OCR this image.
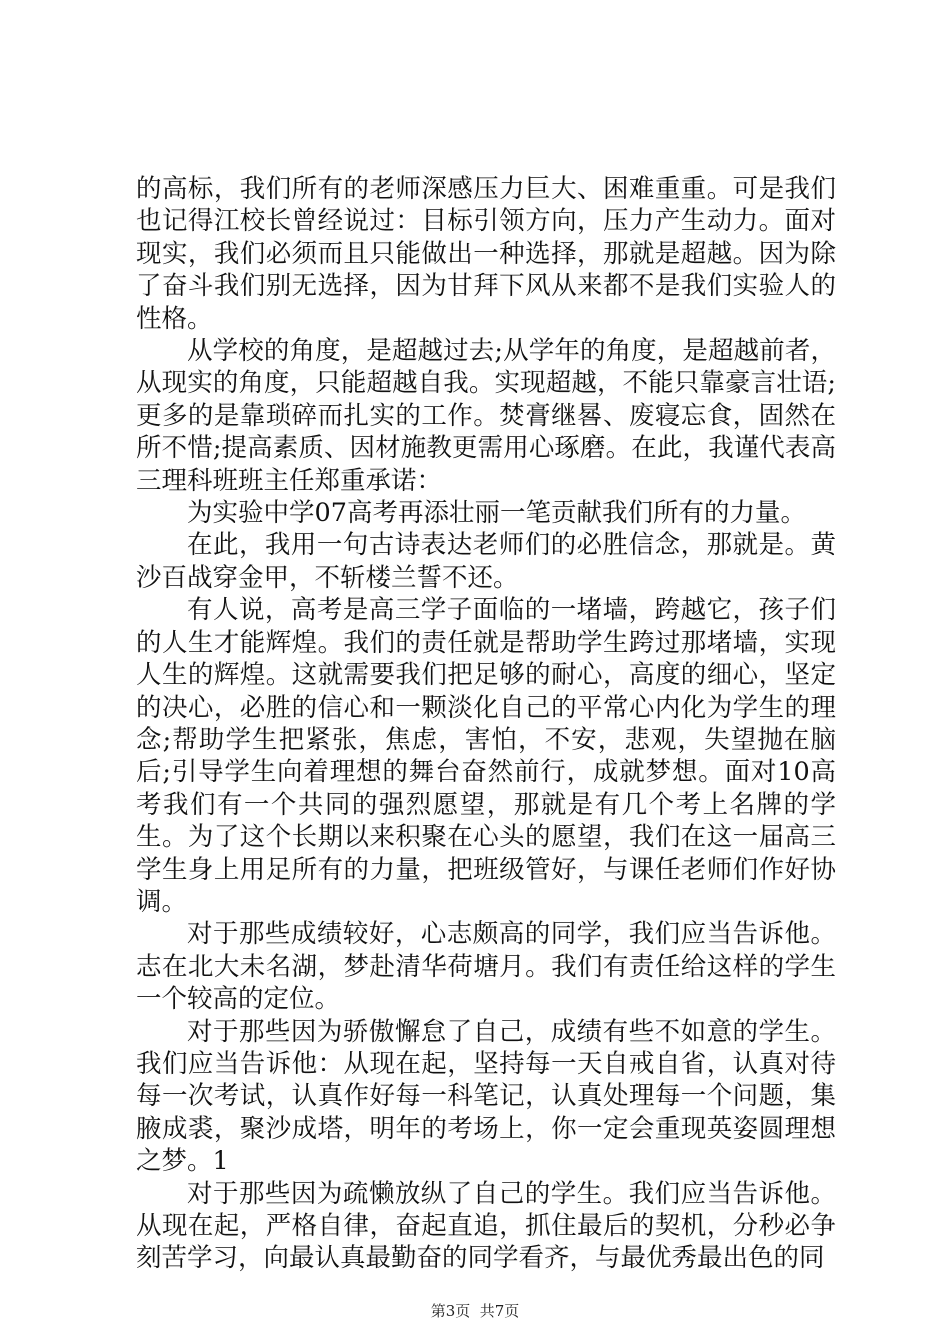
的高标，我们所有的老师深感压力巨大、困难重重。可是我们也记得江校长曾经说过：目标引领方向，压力产生动力。面对现实，我们必须而且只能做出一种选择，那就是超越。因为除了奋斗我们别无选择，因为甘拜下风从来都不是我们实验人的性格。

从学校的角度，是超越过去;从学年的角度，是超越前者，从现实的角度，只能超越自我。实现超越，不能只靠豪言壮语;更多的是靠琐碎而扎实的工作。焚膏继晷、废寝忘食，固然在所不惜;提高素质、因材施教更需用心琢磨。在此，我谨代表高三理科班班主任郑重承诺：

为实验中学07高考再添壮丽一笔贡献我们所有的力量。

在此，我用一句古诗表达老师们的必胜信念，那就是。黄沙百战穿金甲，不斩楼兰誓不还。

有人说，高考是高三学子面临的一堵墙，跨越它，孩子们的人生才能辉煌。我们的责任就是帮助学生跨过那堵墙，实现人生的辉煌。这就需要我们把足够的耐心，高度的细心，坚定的决心，必胜的信心和一颗淡化自己的平常心内化为学生的理念;帮助学生把紧张，焦虑，害怕，不安，悲观，失望抛在脑后;引导学生向着理想的舞台奋然前行，成就梦想。面对10高考我们有一个共同的强烈愿望，那就是有几个考上名牌的学生。为了这个长期以来积聚在心头的愿望，我们在这一届高三学生身上用足所有的力量，把班级管好，与课任老师们作好协调。

对于那些成绩较好，心志颇高的同学，我们应当告诉他。志在北大未名湖，梦赴清华荷塘月。我们有责任给这样的学生一个较高的定位。

对于那些因为骄傲懈怠了自己，成绩有些不如意的学生。我们应当告诉他：从现在起，坚持每一天自戒自省，认真对待每一次考试，认真作好每一科笔记，认真处理每一个问题，集腋成裘，聚沙成塔，明年的考场上，你一定会重现英姿圆理想之梦。1

对于那些因为疏懒放纵了自己的学生。我们应当告诉他。从现在起，严格自律，奋起直追，抓住最后的契机，分秒必争刻苦学习，向最认真最勤奋的同学看齐，与最优秀最出色的同

第3页  共7页
